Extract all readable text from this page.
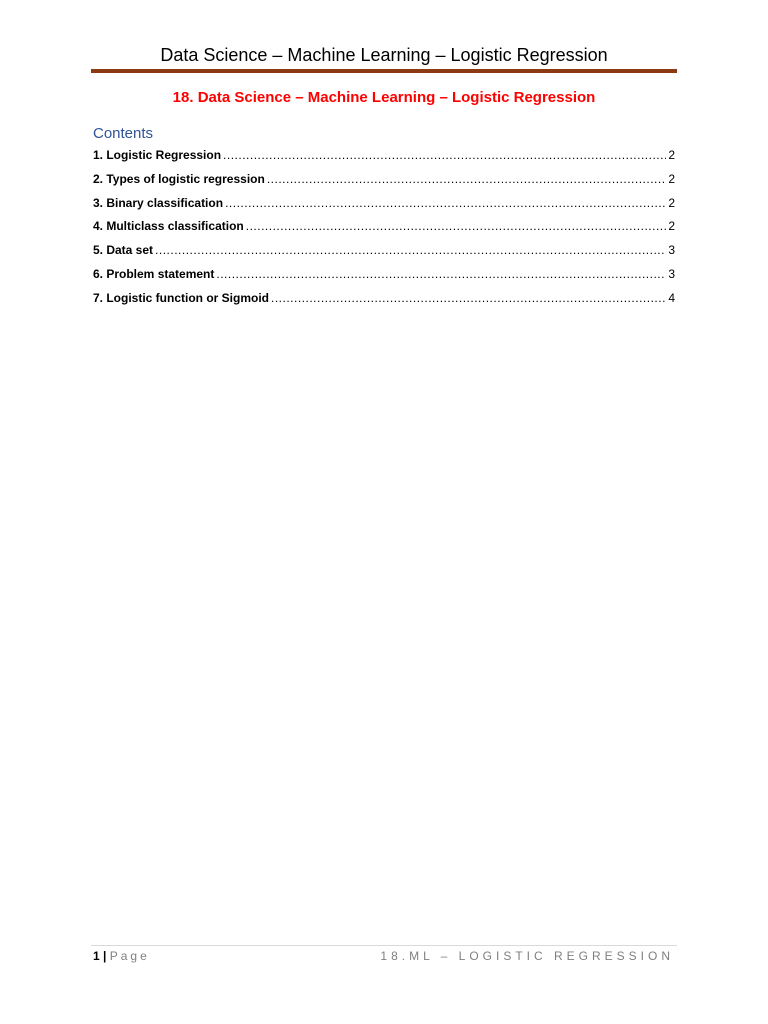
Data Science – Machine Learning – Logistic Regression
18. Data Science – Machine Learning – Logistic Regression
Contents
1. Logistic Regression .....	2
2. Types of logistic regression .....	2
3. Binary classification .....	2
4. Multiclass classification .....	2
5. Data set .....	3
6. Problem statement .....	3
7. Logistic function or Sigmoid .....	4
1 | Page	18.ML – LOGISTIC REGRESSION
